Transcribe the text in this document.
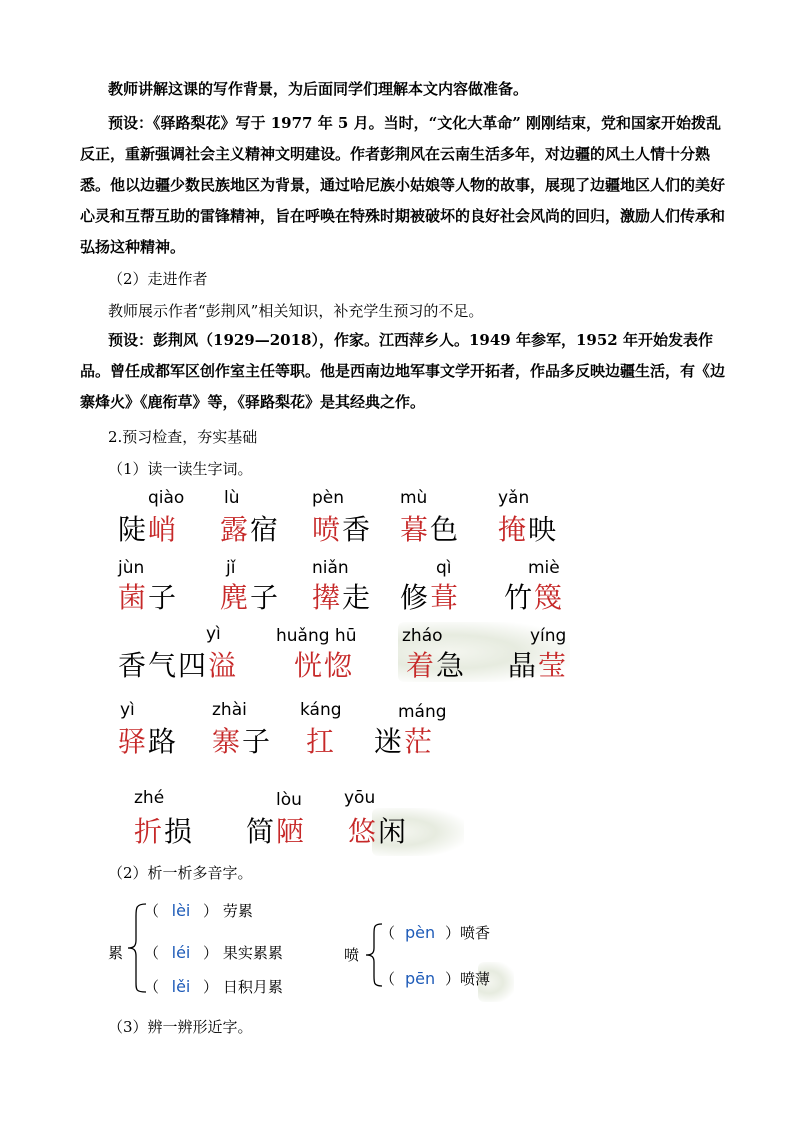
教师讲解这课的写作背景，为后面同学们理解本文内容做准备。
预设：《驿路梨花》写于 1977 年 5 月。当时，“文化大革命” 刚刚结束，党和国家开始拨乱反正，重新强调社会主义精神文明建设。作者彭荆风在云南生活多年，对边疆的风土人情十分熟悉。他以边疆少数民族地区为背景，通过哈尼族小姑娘等人物的故事，展现了边疆地区人们的美好心灵和互帮互助的雷锋精神，旨在呼唤在特殊时期被破坏的良好社会风尚的回归，激励人们传承和弘扬这种精神。
（2）走进作者
教师展示作者“彭荆风”相关知识，补充学生预习的不足。
预设：彭荆风（1929—2018），作家。江西萍乡人。1949 年参军，1952 年开始发表作品。曾任成都军区创作室主任等职。他是西南边地军事文学开拓者，作品多反映边疆生活，有《边寨烽火》《鹿衔草》等，《驿路梨花》是其经典之作。
2.预习检查，夯实基础
（1）读一读生字词。
qiào
陡峭
lù
露宿
pèn
喷香
mù
暮色
yǎn
掩映
jùn
菌子
jǐ
麂子
niǎn
撵走
qì
修葺
miè
竹篾
yì
香气四溢
huǎng hū
恍惚
zháo
着急
yíng
晶莹
yì
驿路
zhài
寨子
káng
扛
máng
迷茫
zhé
折损
lòu
简陋
yōu
悠闲
（2）析一析多音字。
累
（ lèi ） 劳累
（ léi ） 果实累累
（ lěi ） 日积月累
喷
（ pèn ）喷香
（ pēn ）喷薄
（3）辨一辨形近字。
